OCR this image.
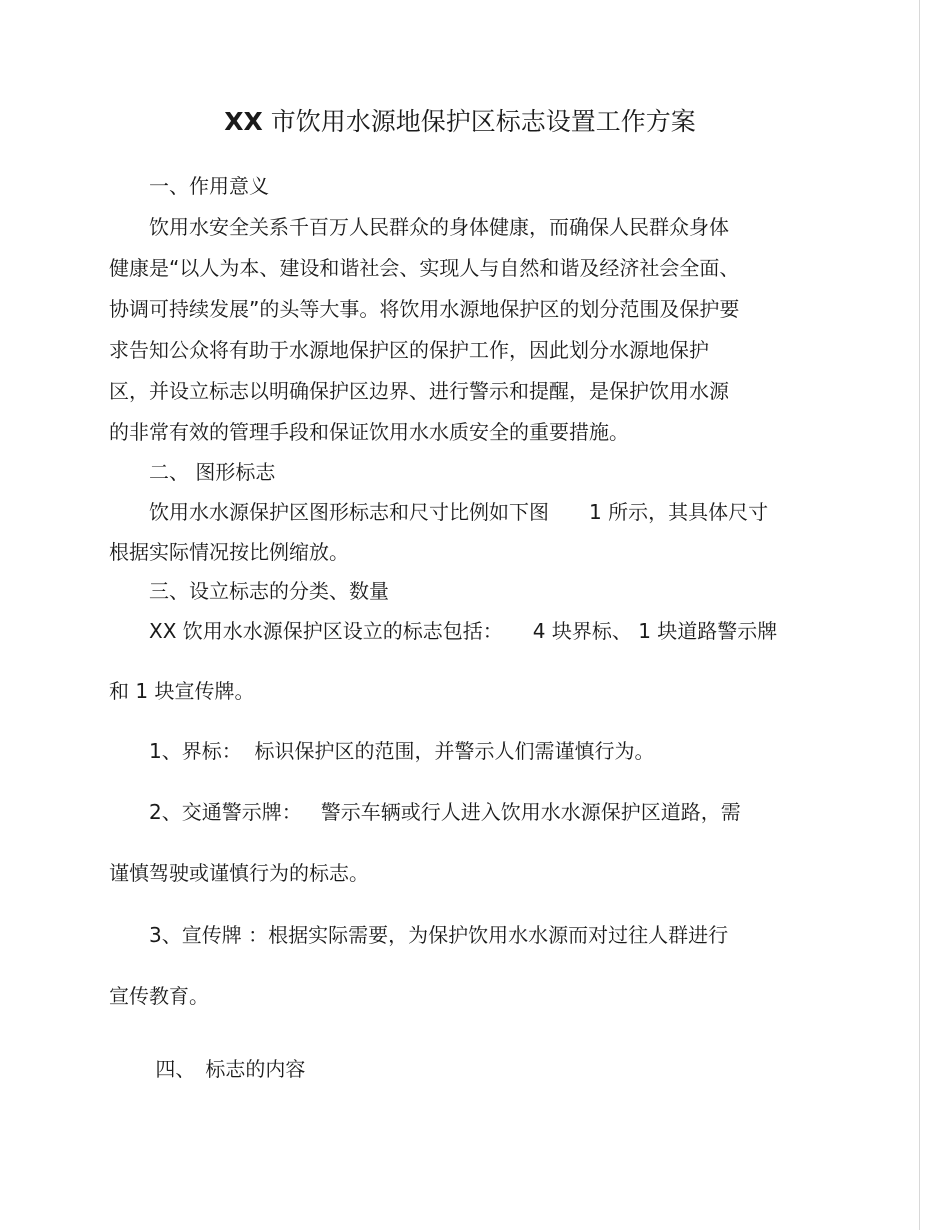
XX 市饮用水源地保护区标志设置工作方案

　　一、作用意义

　　饮用水安全关系千百万人民群众的身体健康，而确保人民群众身体

健康是“以人为本、建设和谐社会、实现人与自然和谐及经济社会全面、

协调可持续发展”的头等大事。将饮用水源地保护区的划分范围及保护要

求告知公众将有助于水源地保护区的保护工作，因此划分水源地保护

区，并设立标志以明确保护区边界、进行警示和提醒，是保护饮用水源

的非常有效的管理手段和保证饮用水水质安全的重要措施。

　　二、 图形标志

　　饮用水水源保护区图形标志和尺寸比例如下图　　1 所示，其具体尺寸

根据实际情况按比例缩放。

　　三、设立标志的分类、数量

　　XX 饮用水水源保护区设立的标志包括：　　4 块界标、 1 块道路警示牌

和 1 块宣传牌。

　　1、界标：  标识保护区的范围，并警示人们需谨慎行为。

　　2、交通警示牌：   警示车辆或行人进入饮用水水源保护区道路，需

谨慎驾驶或谨慎行为的标志。

　　3、宣传牌 ：根据实际需要，为保护饮用水水源而对过往人群进行

宣传教育。

　　 四、　标志的内容
